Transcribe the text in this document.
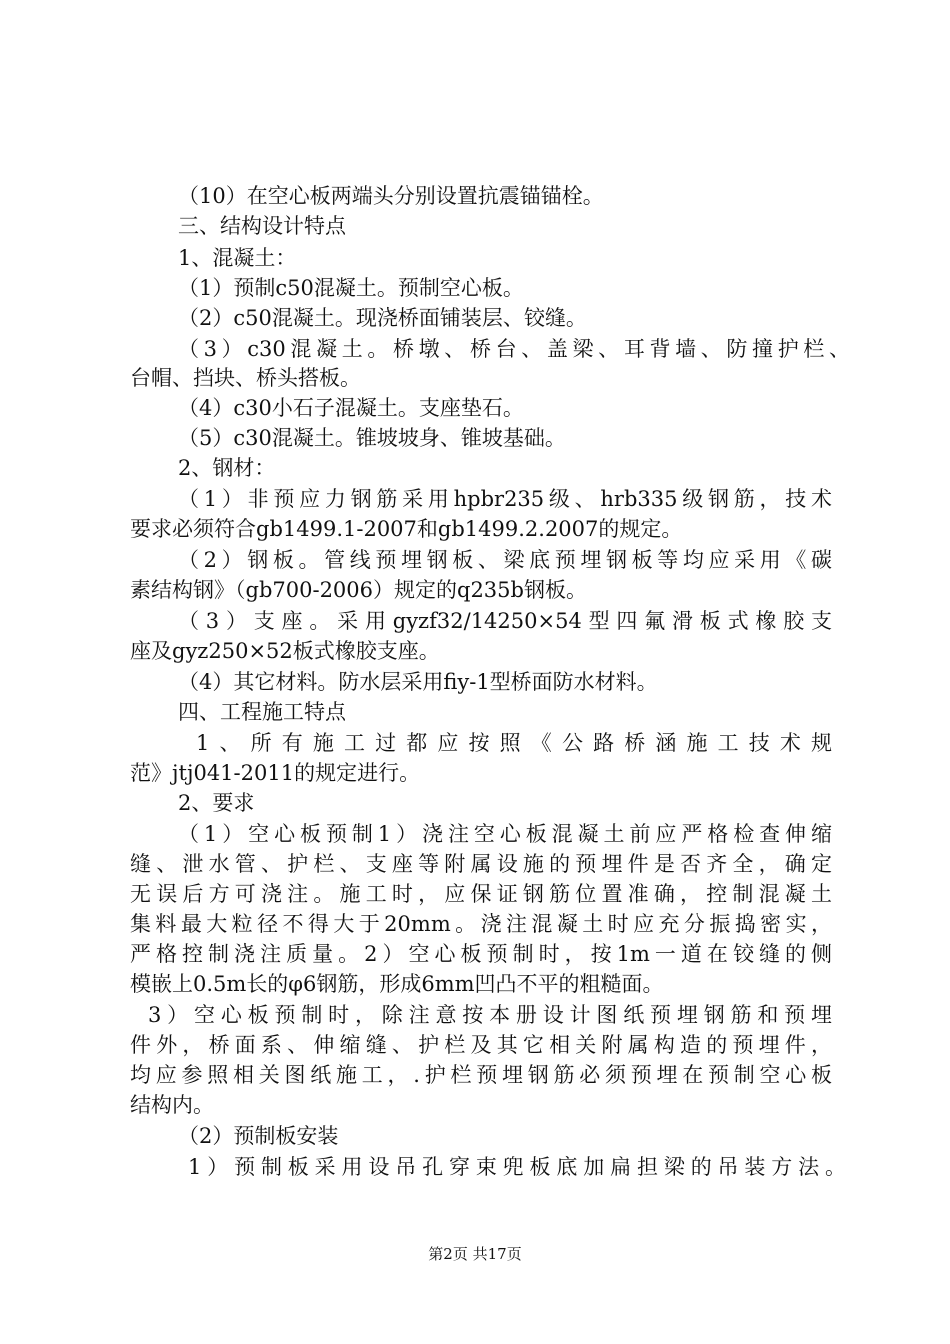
（10）在空心板两端头分别设置抗震锚锚栓。
三、结构设计特点
1、混凝土：
（1）预制c50混凝土。预制空心板。
（2）c50混凝土。现浇桥面铺装层、铰缝。
（3）c30混凝土。桥墩、桥台、盖梁、耳背墙、防撞护栏、
台帽、挡块、桥头搭板。
（4）c30小石子混凝土。支座垫石。
（5）c30混凝土。锥坡坡身、锥坡基础。
2、钢材：
（1）非预应力钢筋采用hpbr235级、hrb335级钢筋，技术
要求必须符合gb1499.1-2007和gb1499.2.2007的规定。
（2）钢板。管线预埋钢板、梁底预埋钢板等均应采用《碳
素结构钢》（gb700-2006）规定的q235b钢板。
（3）支座。采用gyzf32/14250×54型四氟滑板式橡胶支
座及gyz250×52板式橡胶支座。
（4）其它材料。防水层采用fiy-1型桥面防水材料。
四、工程施工特点
1、所有施工过都应按照《公路桥涵施工技术规
范》jtj041-2011的规定进行。
2、要求
（1）空心板预制1）浇注空心板混凝土前应严格检查伸缩
缝、泄水管、护栏、支座等附属设施的预埋件是否齐全，确定
无误后方可浇注。施工时，应保证钢筋位置准确，控制混凝土
集料最大粒径不得大于20mm。浇注混凝土时应充分振捣密实，
严格控制浇注质量。2）空心板预制时，按1m一道在铰缝的侧
模嵌上0.5m长的φ6钢筋，形成6mm凹凸不平的粗糙面。
3）空心板预制时，除注意按本册设计图纸预埋钢筋和预埋
件外，桥面系、伸缩缝、护栏及其它相关附属构造的预埋件，
均应参照相关图纸施工，.护栏预埋钢筋必须预埋在预制空心板
结构内。
（2）预制板安装
1）预制板采用设吊孔穿束兜板底加扁担梁的吊装方法。
第2页 共17页
